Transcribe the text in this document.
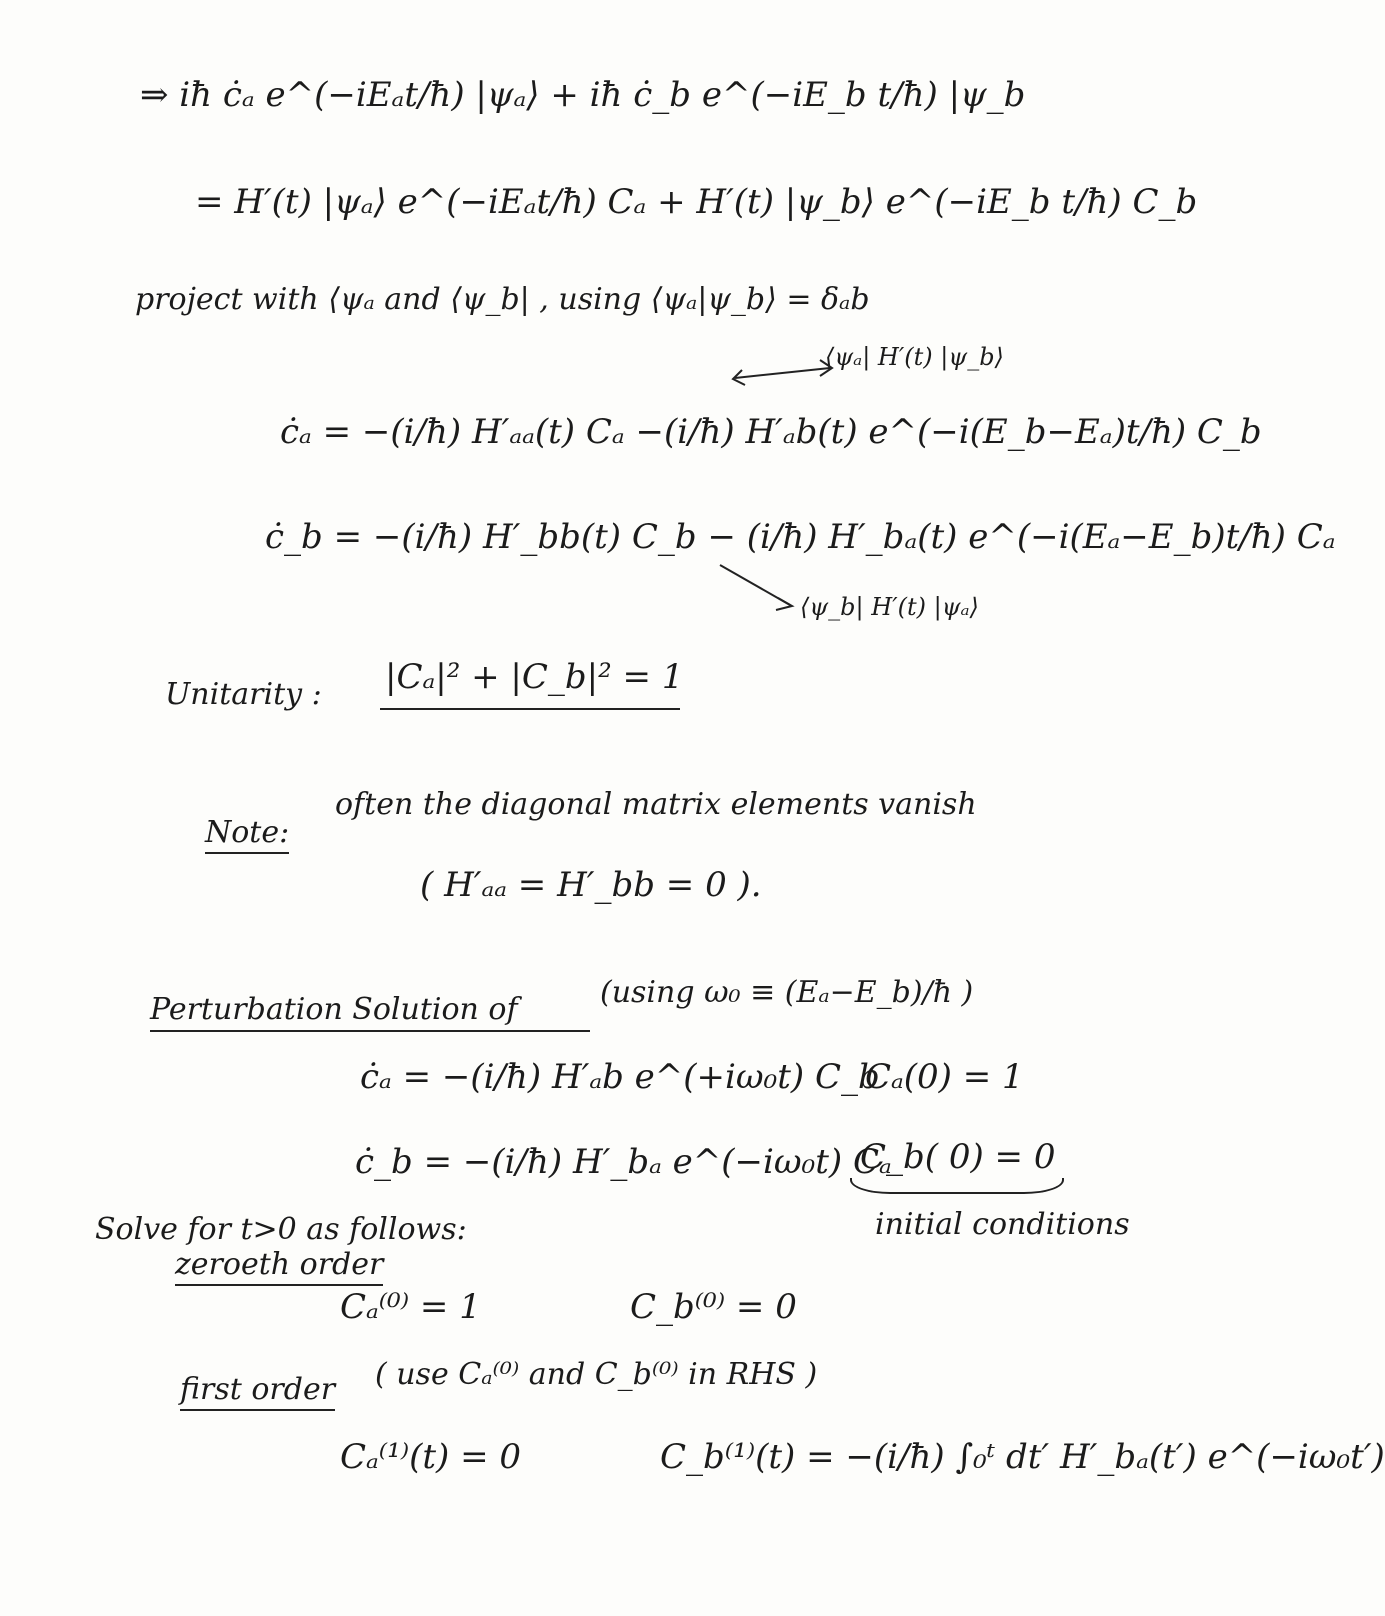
⇒ iħ ċₐ e^(−iEₐt/ħ) |ψₐ⟩ + iħ ċ_b e^(−iE_b t/ħ) |ψ_b
= H′(t) |ψₐ⟩ e^(−iEₐt/ħ) Cₐ + H′(t) |ψ_b⟩ e^(−iE_b t/ħ) C_b
project with ⟨ψₐ and ⟨ψ_b| , using ⟨ψₐ|ψ_b⟩ = δₐb
⟨ψₐ| H′(t) |ψ_b⟩
ċₐ = −(i/ħ) H′ₐₐ(t) Cₐ −(i/ħ) H′ₐb(t) e^(−i(E_b−Eₐ)t/ħ) C_b
ċ_b = −(i/ħ) H′_bb(t) C_b − (i/ħ) H′_bₐ(t) e^(−i(Eₐ−E_b)t/ħ) Cₐ
⟨ψ_b| H′(t) |ψₐ⟩
Unitarity : |Cₐ|² + |C_b|² = 1
Note:
often the diagonal matrix elements vanish
( H′ₐₐ = H′_bb = 0 ).
Perturbation Solution of	(using ω₀ ≡ (Eₐ−E_b)/ħ )
ċₐ = −(i/ħ) H′ₐb e^(+iω₀t) C_b
Cₐ(0) = 1
ċ_b = −(i/ħ) H′_bₐ e^(−iω₀t) Cₐ
C_b( 0) = 0
initial conditions
Solve for t>0 as follows:
zeroeth order
Cₐ⁽⁰⁾ = 1	C_b⁽⁰⁾ = 0
first order ( use Cₐ⁽⁰⁾ and C_b⁽⁰⁾ in RHS )
Cₐ⁽¹⁾(t) = 0	C_b⁽¹⁾(t) = −(i/ħ) ∫₀ᵗ dt′ H′_bₐ(t′) e^(−iω₀t′)
